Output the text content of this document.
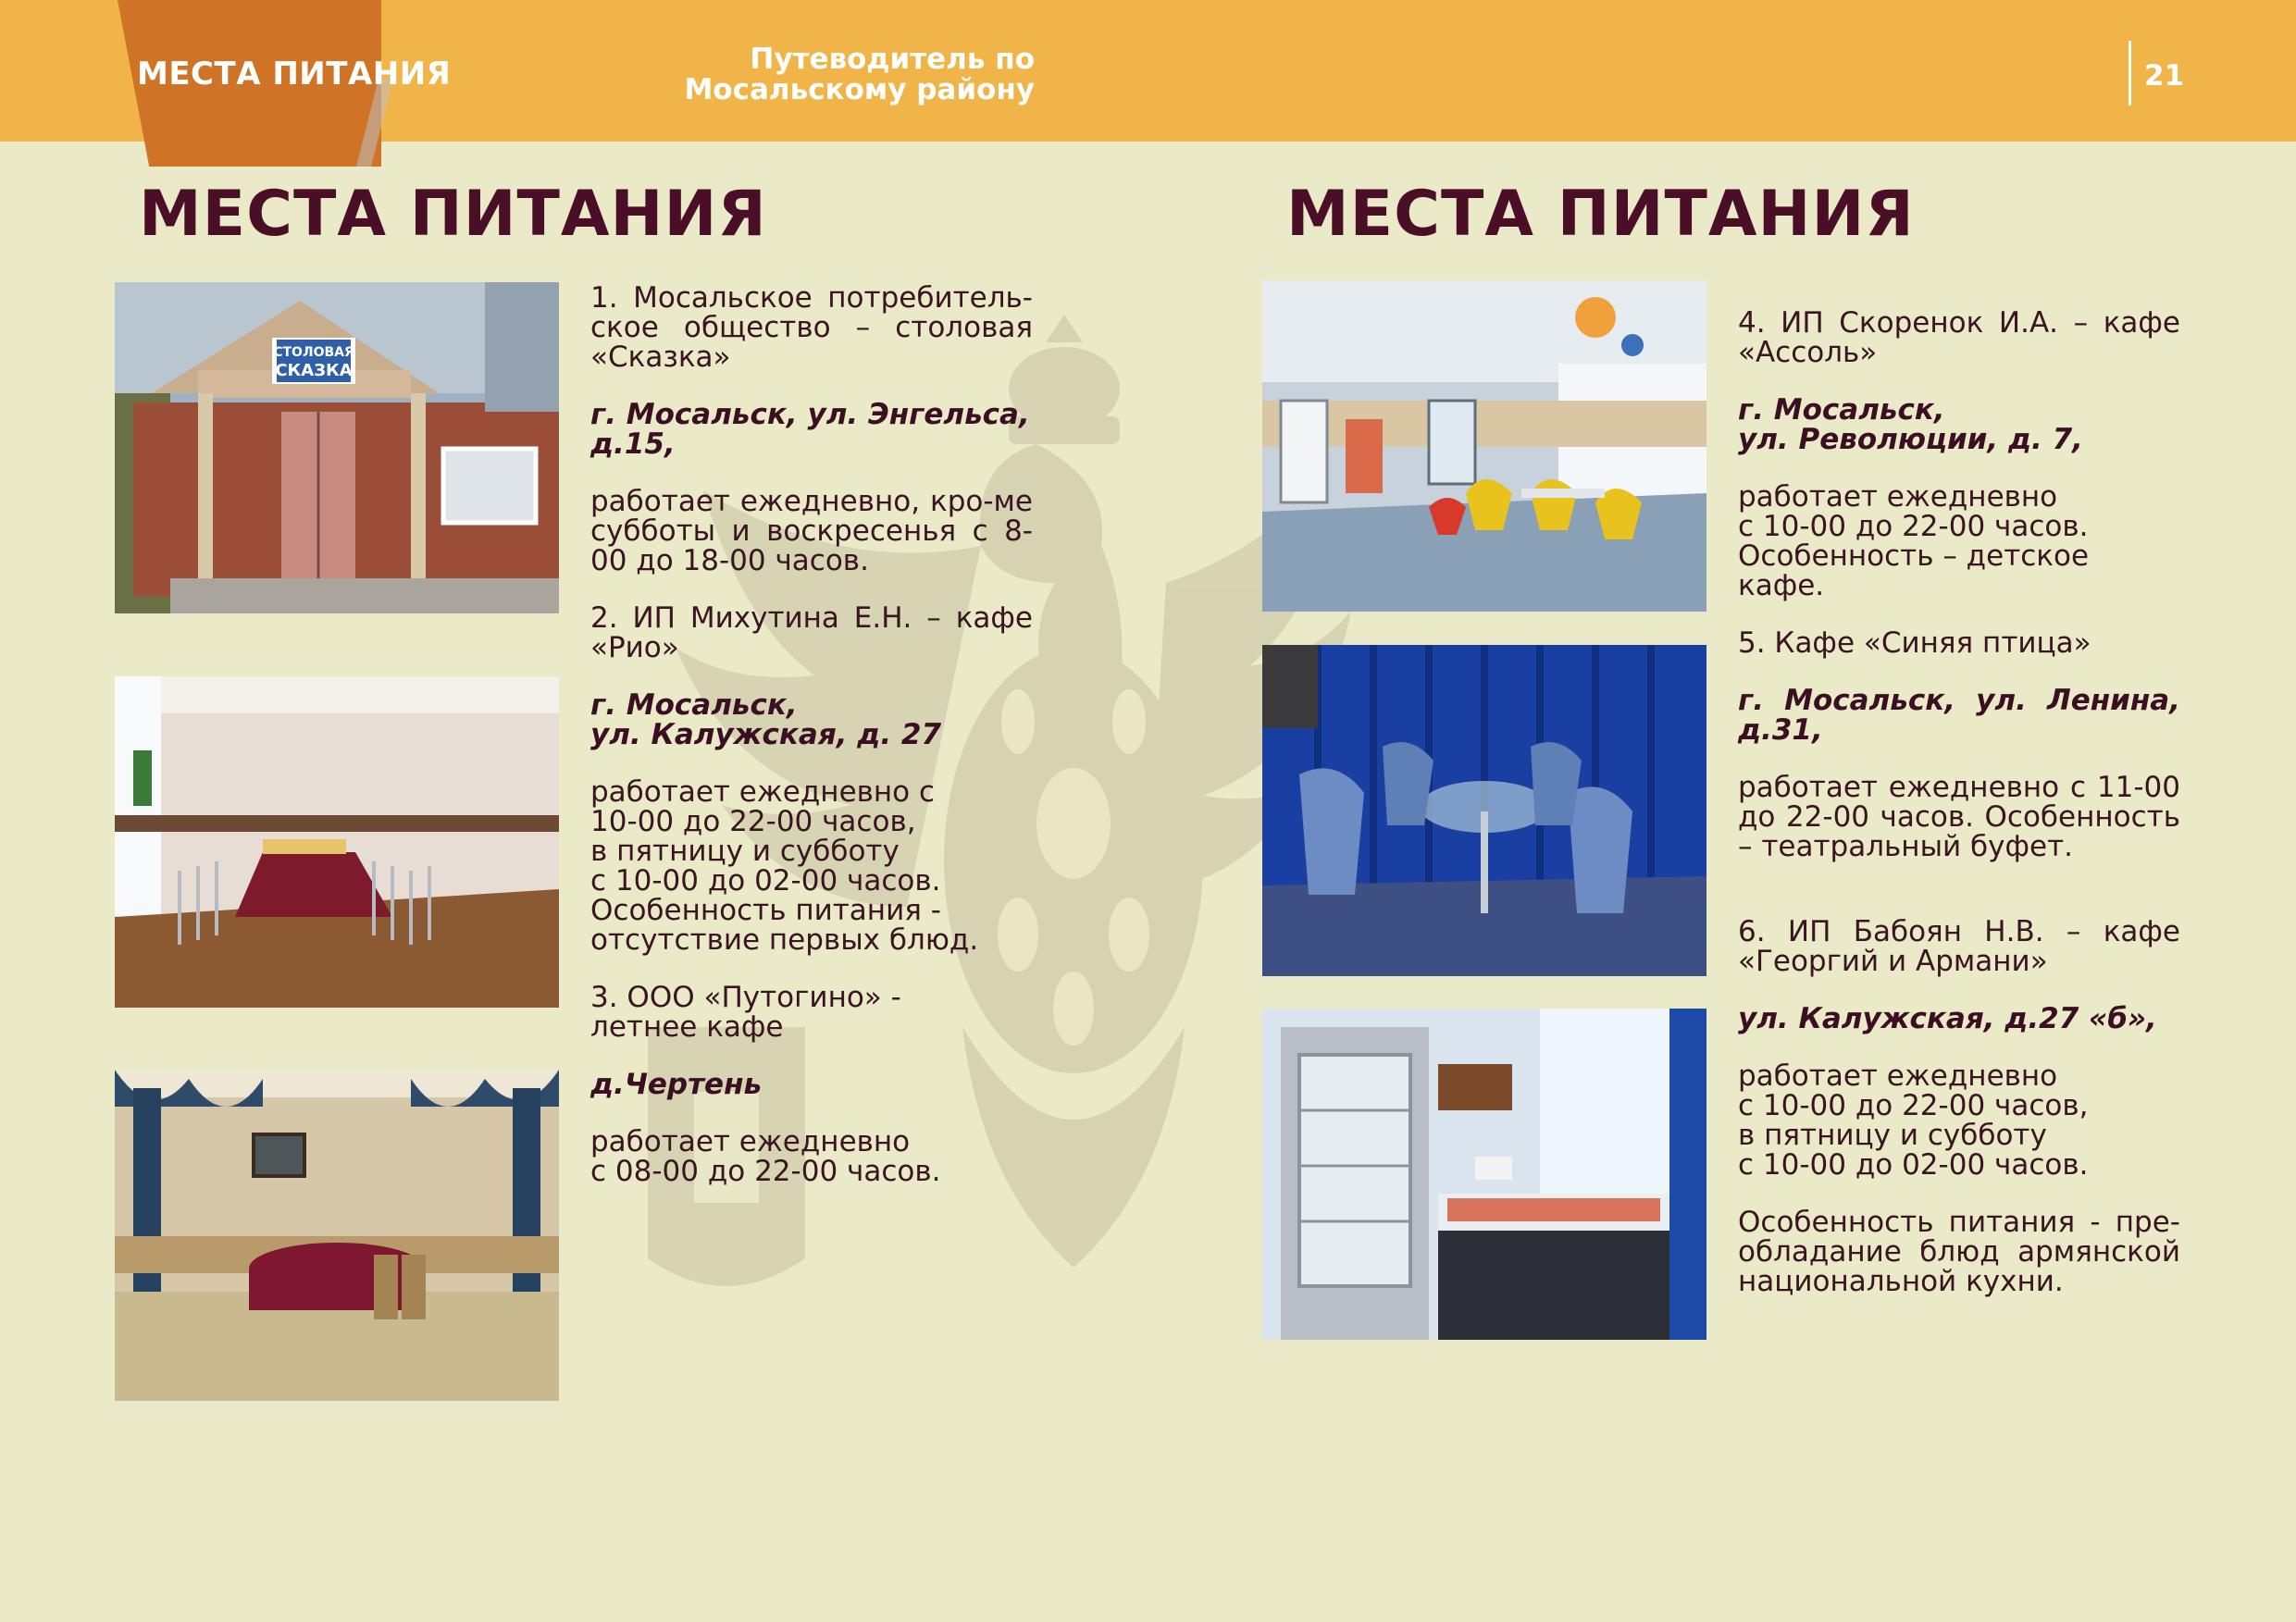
МЕСТА ПИТАНИЯ	Путеводитель по
Мосальскому району	21
МЕСТА ПИТАНИЯ	МЕСТА ПИТАНИЯ
СТОЛОВАЯ
СКАЗКА

1. Мосальское потребитель-ское общество – столовая «Сказка»

г. Мосальск, ул. Энгельса, д.15,

работает ежедневно, кро-ме субботы и воскресенья с 8-00 до 18-00 часов.

2. ИП Михутина Е.Н. – кафе «Рио»

г. Мосальск,
ул. Калужская, д. 27

работает ежедневно с
10-00 до 22-00 часов,
в пятницу и субботу
с 10-00 до 02-00 часов.
Особенность питания -
отсутствие первых блюд.

3. ООО «Путогино» -
летнее кафе

д.Чертень

работает ежедневно
с 08-00 до 22-00 часов.

4. ИП Скоренок И.А. – кафе «Ассоль»

г. Мосальск,
ул. Революции, д. 7,

работает ежедневно
с 10-00 до 22-00 часов.
Особенность – детское
кафе.

5. Кафе «Синяя птица»

г. Мосальск, ул. Ленина, д.31,

работает ежедневно с 11-00 до 22-00 часов. Особенность – театральный буфет.

6. ИП Бабоян Н.В. – кафе «Георгий и Армани»

ул. Калужская, д.27 «б»,

работает ежедневно
с 10-00 до 22-00 часов,
в пятницу и субботу
с 10-00 до 02-00 часов.

Особенность питания - пре-обладание блюд армянской национальной кухни.
